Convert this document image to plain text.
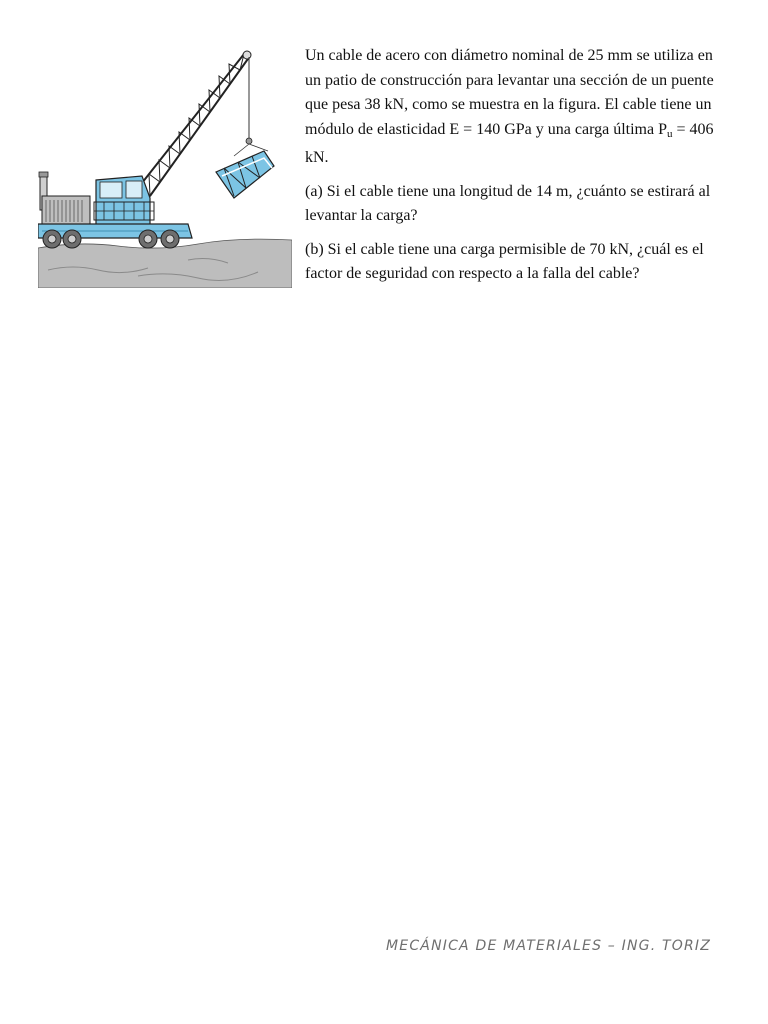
Un cable de acero con diámetro nominal de 25 mm se utiliza en un patio de construcción para levantar una sección de un puente que pesa 38 kN, como se muestra en la figura. El cable tiene un módulo de elasticidad E = 140 GPa y una carga última $P_u = 406$ kN.

(a) Si el cable tiene una longitud de 14 m, ¿cuánto se estirará al levantar la carga?

(b) Si el cable tiene una carga permisible de 70 kN, ¿cuál es el factor de seguridad con respecto a la falla del cable?

MECÁNICA DE MATERIALES – ING. TORIZ
